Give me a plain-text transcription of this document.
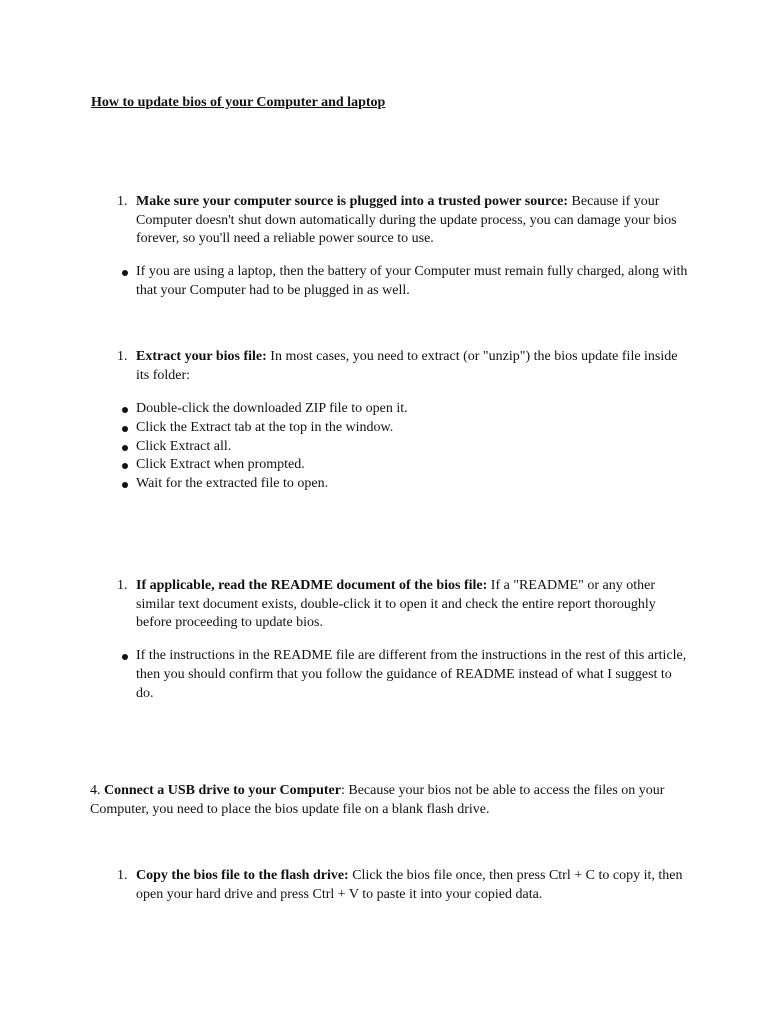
How to update bios of your Computer and laptop
1. Make sure your computer source is plugged into a trusted power source: Because if your Computer doesn't shut down automatically during the update process, you can damage your bios forever, so you'll need a reliable power source to use.
If you are using a laptop, then the battery of your Computer must remain fully charged, along with that your Computer had to be plugged in as well.
1. Extract your bios file: In most cases, you need to extract (or "unzip") the bios update file inside its folder:
Double-click the downloaded ZIP file to open it.
Click the Extract tab at the top in the window.
Click Extract all.
Click Extract when prompted.
Wait for the extracted file to open.
1. If applicable, read the README document of the bios file: If a "README" or any other similar text document exists, double-click it to open it and check the entire report thoroughly before proceeding to update bios.
If the instructions in the README file are different from the instructions in the rest of this article, then you should confirm that you follow the guidance of README instead of what I suggest to do.
4. Connect a USB drive to your Computer: Because your bios not be able to access the files on your Computer, you need to place the bios update file on a blank flash drive.
1. Copy the bios file to the flash drive: Click the bios file once, then press Ctrl + C to copy it, then open your hard drive and press Ctrl + V to paste it into your copied data.
